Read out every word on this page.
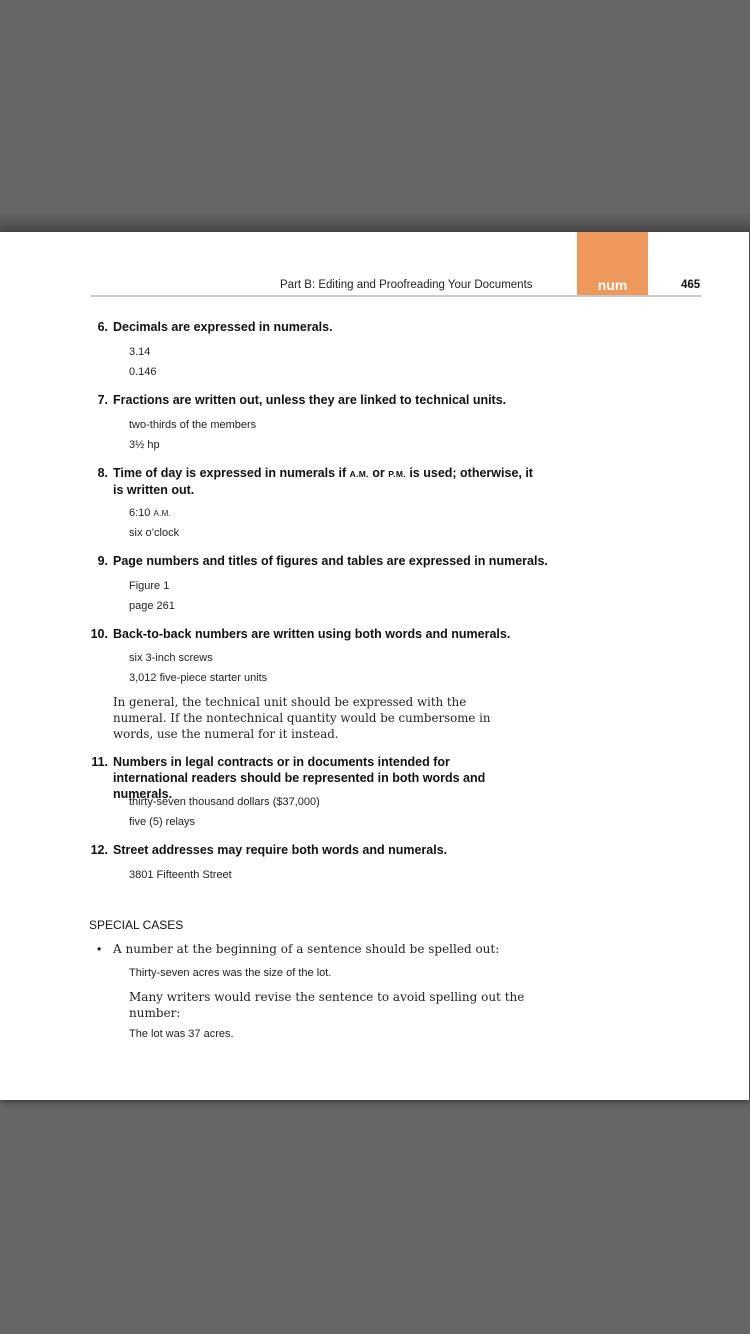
num
Part B: Editing and Proofreading Your Documents	465
6. Decimals are expressed in numerals.
3.14
0.146
7. Fractions are written out, unless they are linked to technical units.
two-thirds of the members
3½ hp
8. Time of day is expressed in numerals if A.M. or P.M. is used; otherwise, it is written out.
6:10 A.M.
six o’clock
9. Page numbers and titles of figures and tables are expressed in numerals.
Figure 1
page 261
10. Back-to-back numbers are written using both words and numerals.
six 3-inch screws
3,012 five-piece starter units
In general, the technical unit should be expressed with the numeral. If the nontechnical quantity would be cumbersome in words, use the numeral for it instead.
11. Numbers in legal contracts or in documents intended for international readers should be represented in both words and numerals.
thirty-seven thousand dollars ($37,000)
five (5) relays
12. Street addresses may require both words and numerals.
3801 Fifteenth Street
SPECIAL CASES
• A number at the beginning of a sentence should be spelled out:
Thirty-seven acres was the size of the lot.
Many writers would revise the sentence to avoid spelling out the number:
The lot was 37 acres.
